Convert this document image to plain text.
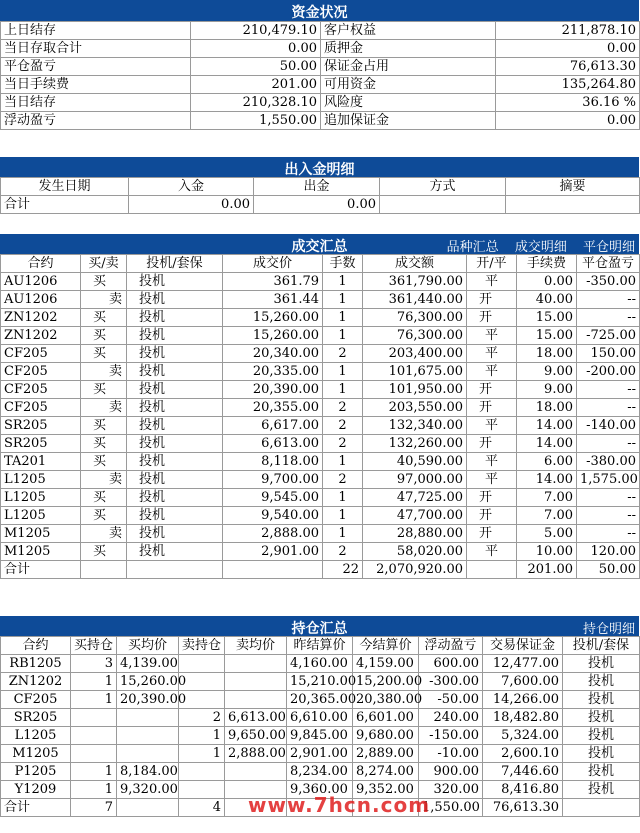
资金状况
上日结存	210,479.10	客户权益	211,878.10
当日存取合计	0.00	质押金	0.00
平仓盈亏	50.00	保证金占用	76,613.30
当日手续费	201.00	可用资金	135,264.80
当日结存	210,328.10	风险度	36.16 %
浮动盈亏	1,550.00	追加保证金	0.00
出入金明细
发生日期	入金	出金	方式	摘要
合计	0.00	0.00		
成交汇总	品种汇总 成交明细 平仓明细
合约	买/卖	投机/套保	成交价	手数	成交额	开/平	手续费	平仓盈亏
AU1206	买	投机	361.79	1	361,790.00	平	0.00	-350.00
AU1206	卖	投机	361.44	1	361,440.00	开	40.00	--
ZN1202	买	投机	15,260.00	1	76,300.00	开	15.00	--
ZN1202	买	投机	15,260.00	1	76,300.00	平	15.00	-725.00
CF205	买	投机	20,340.00	2	203,400.00	平	18.00	150.00
CF205	卖	投机	20,335.00	1	101,675.00	平	9.00	-200.00
CF205	买	投机	20,390.00	1	101,950.00	开	9.00	--
CF205	卖	投机	20,355.00	2	203,550.00	开	18.00	--
SR205	买	投机	6,617.00	2	132,340.00	平	14.00	-140.00
SR205	买	投机	6,613.00	2	132,260.00	开	14.00	--
TA201	买	投机	8,118.00	1	40,590.00	平	6.00	-380.00
L1205	卖	投机	9,700.00	2	97,000.00	平	14.00	1,575.00
L1205	买	投机	9,545.00	1	47,725.00	开	7.00	--
L1205	买	投机	9,540.00	1	47,700.00	开	7.00	--
M1205	卖	投机	2,888.00	1	28,880.00	开	5.00	--
M1205	买	投机	2,901.00	2	58,020.00	平	10.00	120.00
合计				22	2,070,920.00		201.00	50.00
持仓汇总	持仓明细
合约	买持仓	买均价	卖持仓	卖均价	昨结算价	今结算价	浮动盈亏	交易保证金	投机/套保
RB1205	3	4,139.00			4,160.00	4,159.00	600.00	12,477.00	投机
ZN1202	1	15,260.00			15,210.00	15,200.00	-300.00	7,600.00	投机
CF205	1	20,390.00			20,365.00	20,380.00	-50.00	14,266.00	投机
SR205			2	6,613.00	6,610.00	6,601.00	240.00	18,482.80	投机
L1205			1	9,650.00	9,845.00	9,680.00	-150.00	5,324.00	投机
M1205			1	2,888.00	2,901.00	2,889.00	-10.00	2,600.10	投机
P1205	1	8,184.00			8,234.00	8,274.00	900.00	7,446.60	投机
Y1209	1	9,320.00			9,360.00	9,352.00	320.00	8,416.80	投机
合计	7		4				1,550.00	76,613.30	
www.7hcn.com
